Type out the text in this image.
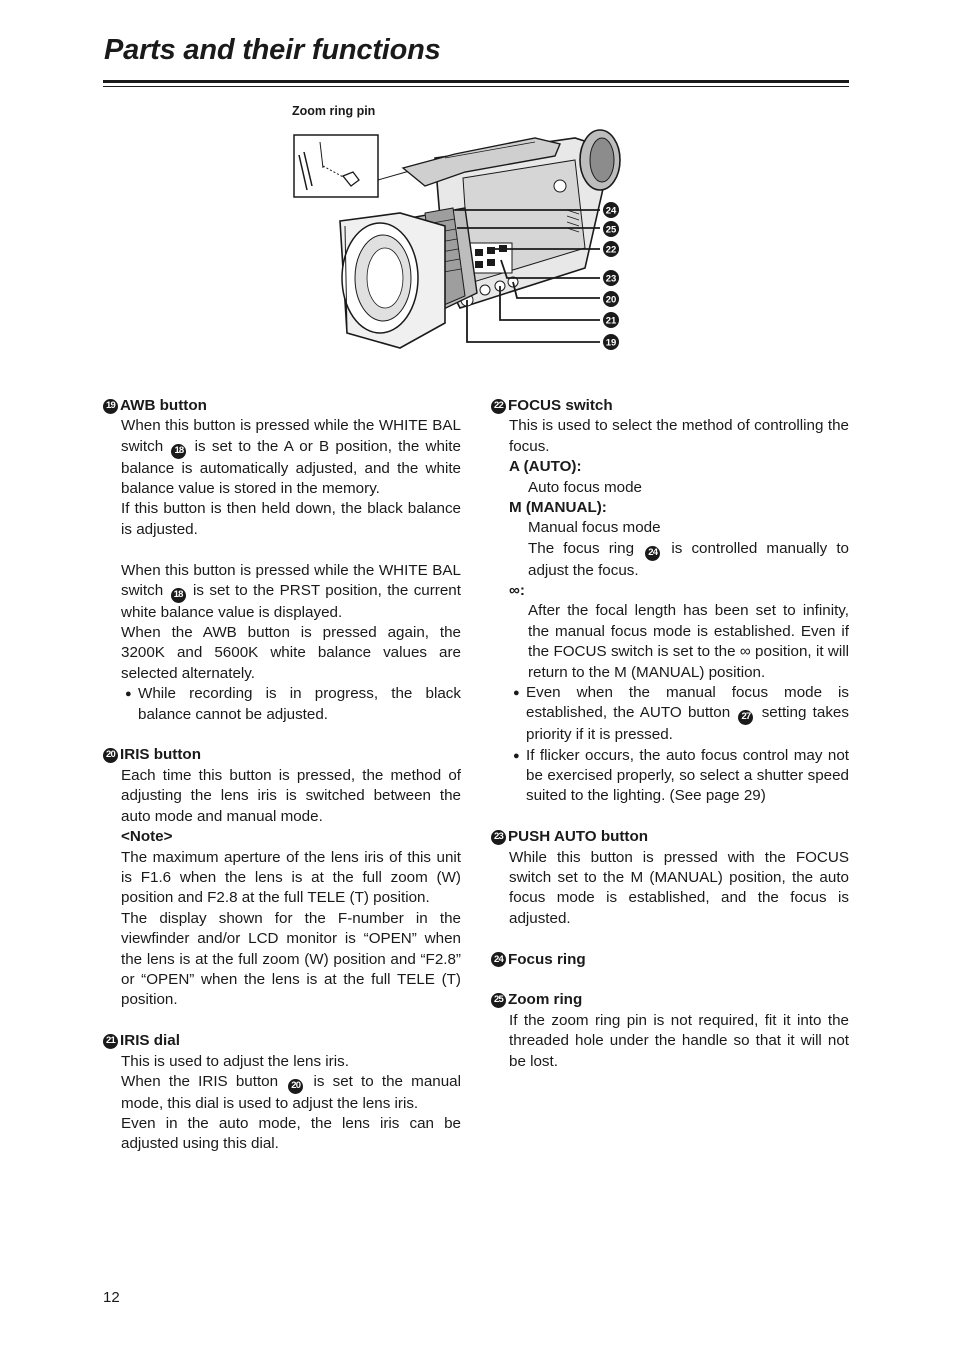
Parts and their functions
Zoom ring pin
24
25
22
23
20
21
19
19 AWB button

When this button is pressed while the WHITE BAL switch 18 is set to the A or B position, the white balance is automatically adjusted, and the white balance value is stored in the memory.

If this button is then held down, the black balance is adjusted.

When this button is pressed while the WHITE BAL switch 18 is set to the PRST position, the current white balance value is displayed.

When the AWB button is pressed again, the 3200K and 5600K white balance values are selected alternately.

● While recording is in progress, the black balance cannot be adjusted.
20 IRIS button

Each time this button is pressed, the method of adjusting the lens iris is switched between the auto mode and manual mode.

<Note>

The maximum aperture of the lens iris of this unit is F1.6 when the lens is at the full zoom (W) position and F2.8 at the full TELE (T) position.

The display shown for the F-number in the viewfinder and/or LCD monitor is “OPEN” when the lens is at the full zoom (W) position and “F2.8” or “OPEN” when the lens is at the full TELE (T) position.

21 IRIS dial

This is used to adjust the lens iris.

When the IRIS button 20 is set to the manual mode, this dial is used to adjust the lens iris.

Even in the auto mode, the lens iris can be adjusted using this dial.

22 FOCUS switch

This is used to select the method of controlling the focus.

A (AUTO):

Auto focus mode

M (MANUAL):

Manual focus mode

The focus ring 24 is controlled manually to adjust the focus.

∞:

After the focal length has been set to infinity, the manual focus mode is established. Even if the FOCUS switch is set to the ∞ position, it will return to the M (MANUAL) position.

● Even when the manual focus mode is established, the AUTO button 27 setting takes priority if it is pressed.
● If flicker occurs, the auto focus control may not be exercised properly, so select a shutter speed suited to the lighting. (See page 29)
23 PUSH AUTO button

While this button is pressed with the FOCUS switch set to the M (MANUAL) position, the auto focus mode is established, and the focus is adjusted.

24 Focus ring
25 Zoom ring

If the zoom ring pin is not required, fit it into the threaded hole under the handle so that it will not be lost.

12
